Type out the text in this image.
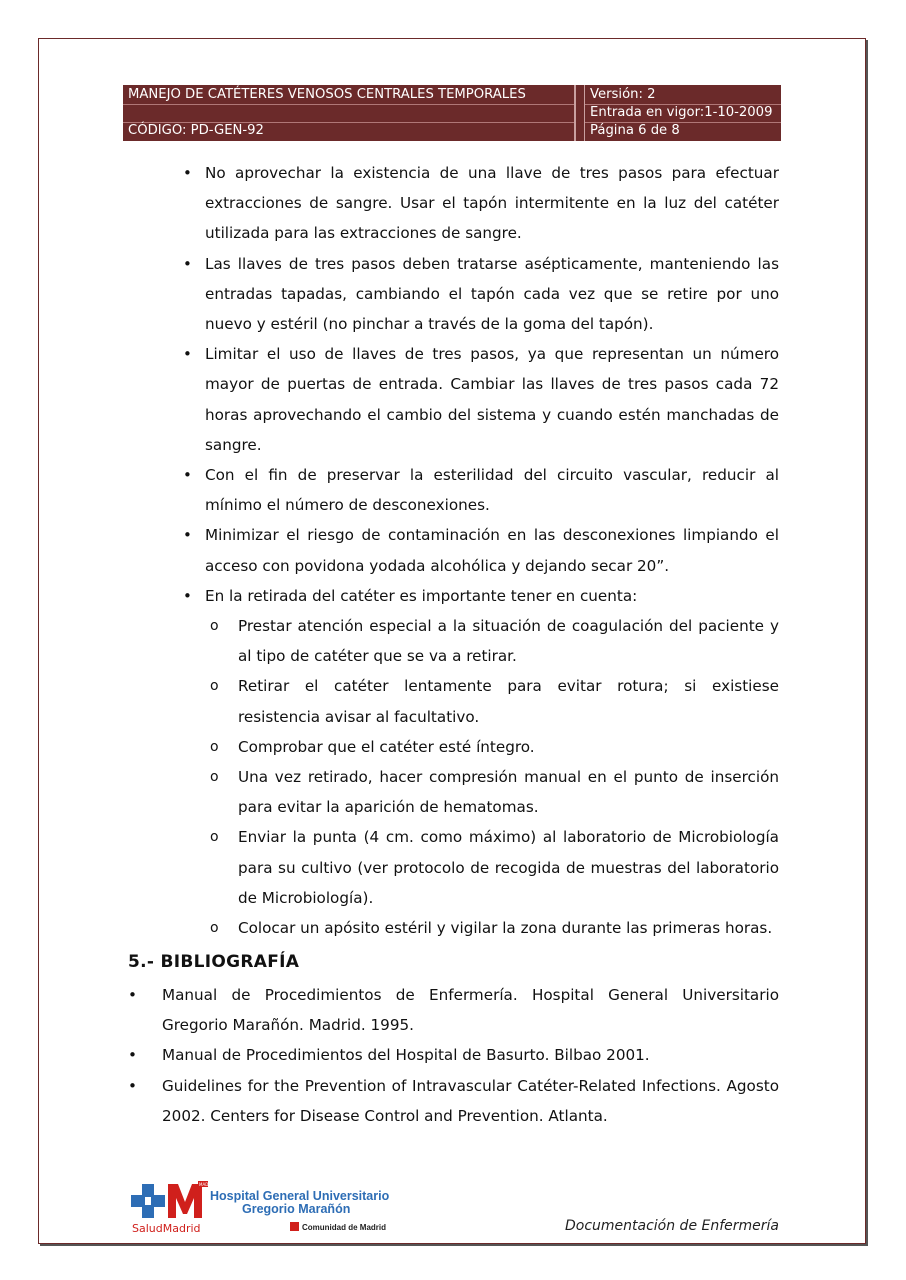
MANEJO DE CATÉTERES VENOSOS CENTRALES TEMPORALES
CÓDIGO: PD-GEN-92
Versión: 2
Entrada en vigor:1-10-2009
Página 6 de 8
• No aprovechar la existencia de una llave de tres pasos para efectuar extracciones de sangre. Usar el tapón intermitente en la luz del catéter utilizada para las extracciones de sangre.
• Las llaves de tres pasos deben tratarse asépticamente, manteniendo las entradas tapadas, cambiando el tapón cada vez que se retire por uno nuevo y estéril (no pinchar a través de la goma del tapón).
• Limitar el uso de llaves de tres pasos, ya que representan un número mayor de puertas de entrada. Cambiar las llaves de tres pasos cada 72 horas aprovechando el cambio del sistema y cuando estén manchadas de sangre.
• Con el fin de preservar la esterilidad del circuito vascular, reducir al mínimo el número de desconexiones.
• Minimizar el riesgo de contaminación en las desconexiones limpiando el acceso con povidona yodada alcohólica y dejando secar 20”.
• En la retirada del catéter es importante tener en cuenta:
o Prestar atención especial a la situación de coagulación del paciente y al tipo de catéter que se va a retirar.
o Retirar el catéter lentamente para evitar rotura; si existiese resistencia avisar al facultativo.
o Comprobar que el catéter esté íntegro.
o Una vez retirado, hacer compresión manual en el punto de inserción para evitar la aparición de hematomas.
o Enviar la punta (4 cm. como máximo) al laboratorio de Microbiología para su cultivo (ver protocolo de recogida de muestras del laboratorio de Microbiología).
o Colocar un apósito estéril y vigilar la zona durante las primeras horas.
5.- BIBLIOGRAFÍA
• Manual de Procedimientos de Enfermería. Hospital General Universitario Gregorio Marañón. Madrid. 1995.
• Manual de Procedimientos del Hospital de Basurto. Bilbao 2001.
• Guidelines for the Prevention of Intravascular Catéter-Related Infections. Agosto 2002. Centers for Disease Control and Prevention. Atlanta.
MAD
SaludMadrid
Hospital General Universitario
Gregorio Marañón
Comunidad de Madrid	Documentación de Enfermería
